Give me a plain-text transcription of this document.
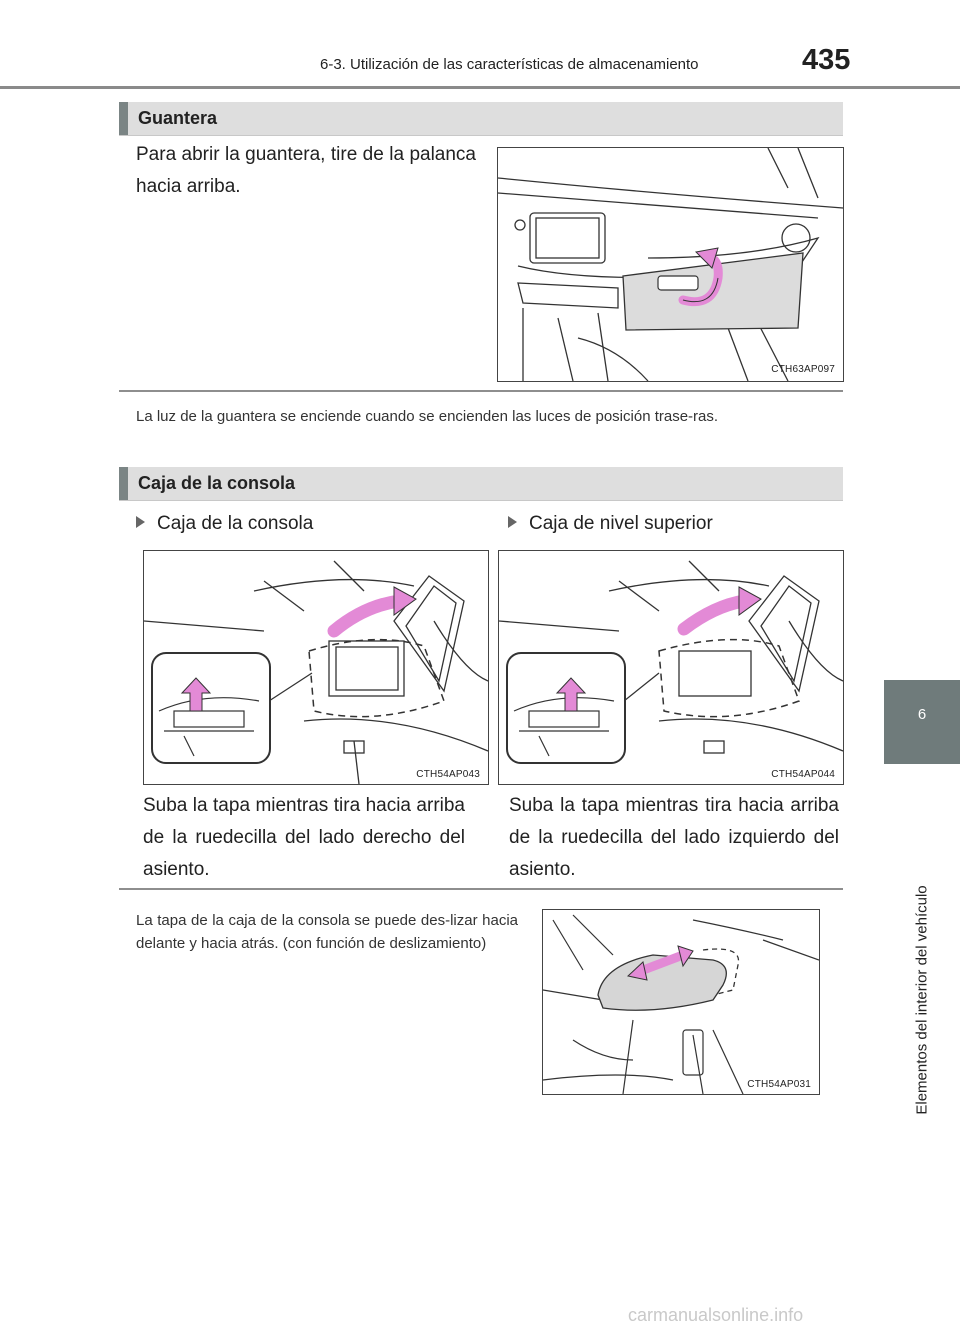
6-3. Utilización de las características de almacenamiento	435
6
Elementos del interior del vehículo
Guantera
Para abrir la guantera, tire de la palanca hacia arriba.
CTH63AP097
La luz de la guantera se enciende cuando se encienden las luces de posición trase-ras.
Caja de la consola
Caja de la consola	Caja de nivel superior
CTH54AP043	CTH54AP044
Suba la tapa mientras tira hacia arriba de la ruedecilla del lado derecho del asiento.
Suba la tapa mientras tira hacia arriba de la ruedecilla del lado izquierdo del asiento.
La tapa de la caja de la consola se puede des-lizar hacia delante y hacia atrás. (con función de deslizamiento)
CTH54AP031
carmanualsonline.info
